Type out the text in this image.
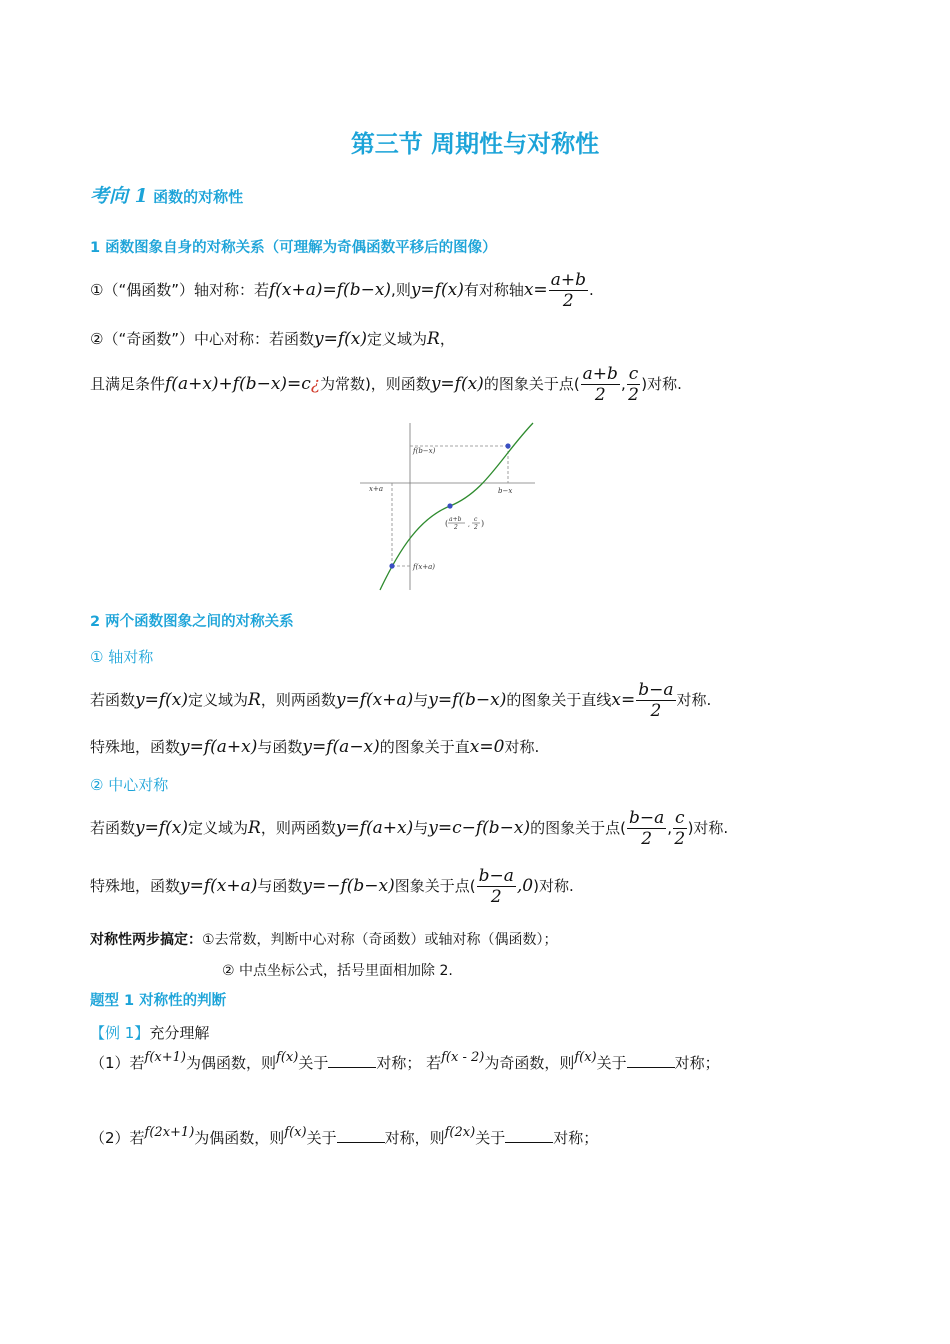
第三节 周期性与对称性
考向 1 函数的对称性
1 函数图象自身的对称关系（可理解为奇偶函数平移后的图像）
①（“偶函数”）轴对称：若f(x+a)=f(b−x),则y=f(x)有对称轴$x= \frac{a+b}{2}$ .
②（“奇函数”）中心对称：若函数y=f(x)定义域为R，
且满足条件f(a+x)+f(b−x)=c¿为常数)，则函数y=f(x)的图象关于点( $\frac{a+b}{2}$ , $\frac{c}{2}$ )对称.
f(b−x)
x+a	b−x
a+b
2
(	,
c
2 )
f(x+a)
2 两个函数图象之间的对称关系
① 轴对称
若函数y=f(x)定义域为R，则两函数y=f(x+a)与y=f(b−x)的图象关于直线$x= \frac{b-a}{2}$ 对称.
特殊地，函数y=f(a+x)与函数y=f(a−x)的图象关于直x=0对称.
② 中心对称
若函数y=f(x)定义域为R，则两函数y=f(a+x)与y=c−f(b−x)的图象关于点( $\frac{b-a}{2}$ , $\frac{c}{2}$ )对称.
特殊地，函数y=f(x+a)与函数y=−f(b−x)图象关于点( $\frac{b-a}{2} ,0$)对称.
对称性两步搞定：①去常数，判断中心对称（奇函数）或轴对称（偶函数）；
② 中点坐标公式，括号里面相加除 2.
题型 1 对称性的判断
【例 1】充分理解
（1）若f(x+1)为偶函数，则f(x)关于	对称； 若f(x - 2)为奇函数，则f(x)关于	对称；
（2）若f(2x+1)为偶函数，则f(x)关于	对称，则f(2x)关于	对称；
